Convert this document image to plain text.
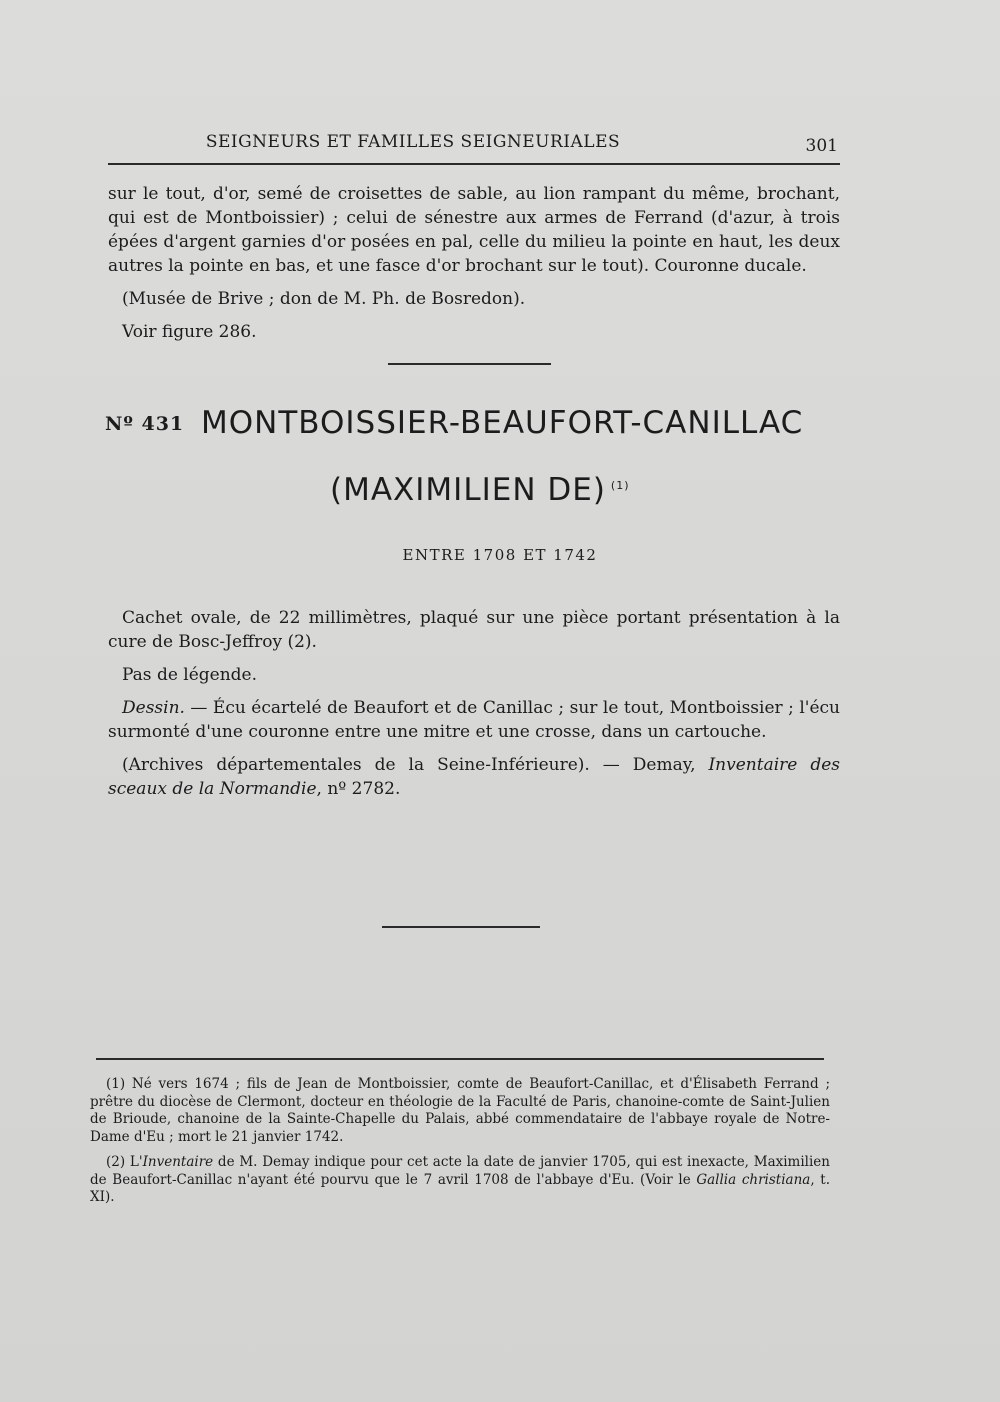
SEIGNEURS ET FAMILLES SEIGNEURIALES	301

sur le tout, d'or, semé de croisettes de sable, au lion rampant du même, brochant, qui est de Montboissier) ; celui de sénestre aux armes de Ferrand (d'azur, à trois épées d'argent garnies d'or posées en pal, celle du milieu la pointe en haut, les deux autres la pointe en bas, et une fasce d'or brochant sur le tout). Couronne ducale.

(Musée de Brive ; don de M. Ph. de Bosredon).

Voir figure 286.

Nº 431 MONTBOISSIER-BEAUFORT-CANILLAC
(MAXIMILIEN DE) $^{(1)}$
ENTRE 1708 ET 1742

Cachet ovale, de 22 millimètres, plaqué sur une pièce portant présentation à la cure de Bosc-Jeffroy (2).

Pas de légende.

Dessin. — Écu écartelé de Beaufort et de Canillac ; sur le tout, Montboissier ; l'écu surmonté d'une couronne entre une mitre et une crosse, dans un cartouche.

(Archives départementales de la Seine-Inférieure). — Demay, Inventaire des sceaux de la Normandie, nº 2782.

(1) Né vers 1674 ; fils de Jean de Montboissier, comte de Beaufort-Canillac, et d'Élisabeth Ferrand ; prêtre du diocèse de Clermont, docteur en théologie de la Faculté de Paris, chanoine-comte de Saint-Julien de Brioude, chanoine de la Sainte-Chapelle du Palais, abbé commendataire de l'abbaye royale de Notre-Dame d'Eu ; mort le 21 janvier 1742.

(2) L'Inventaire de M. Demay indique pour cet acte la date de janvier 1705, qui est inexacte, Maximilien de Beaufort-Canillac n'ayant été pourvu que le 7 avril 1708 de l'abbaye d'Eu. (Voir le Gallia christiana, t. XI).
